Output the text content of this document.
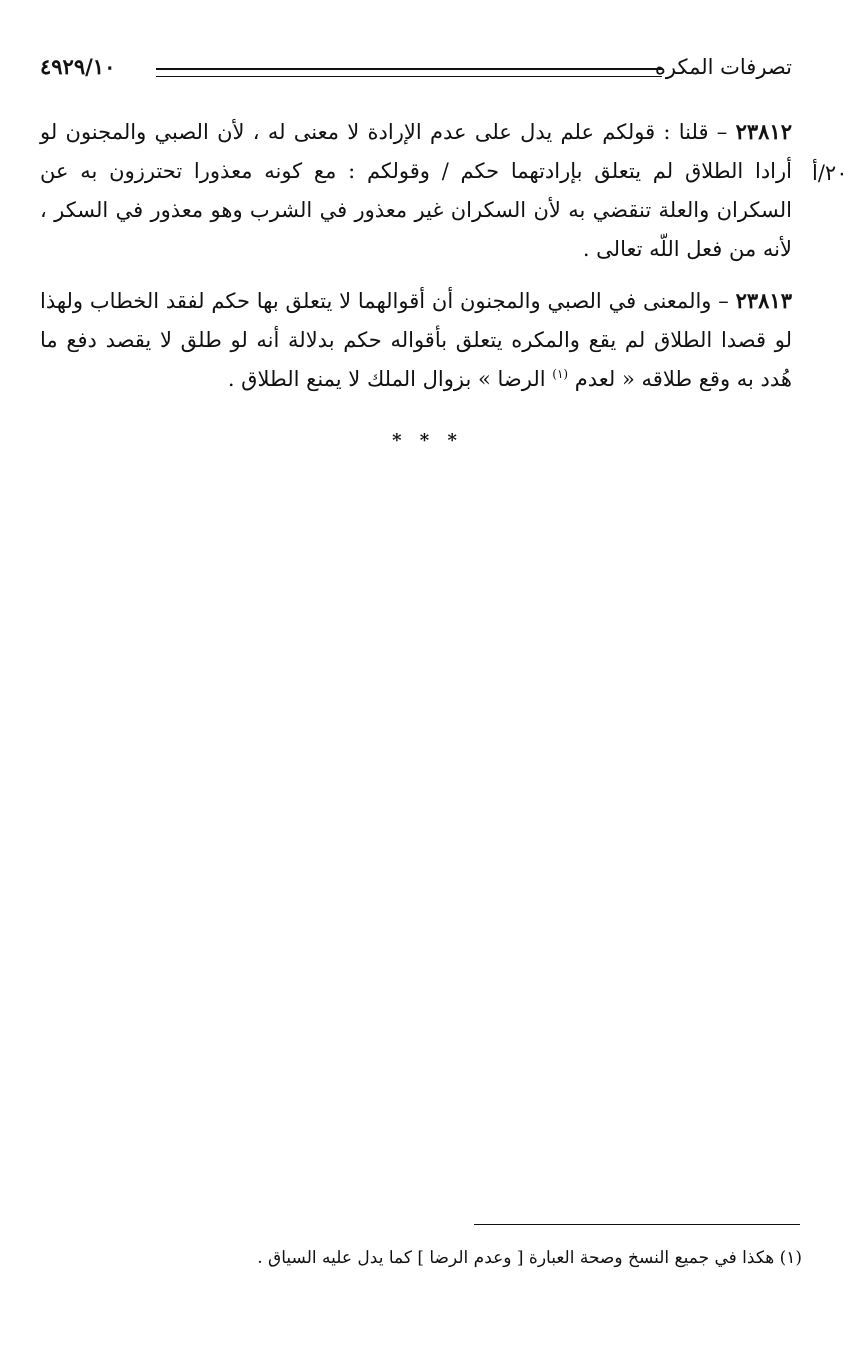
٤٩٢٩/١٠	تصرفات المكره
٢٠/أ

٢٣٨١٢ – قلنا : قولكم علم يدل على عدم الإرادة لا معنى له ، لأن الصبي والمجنون لو أرادا الطلاق لم يتعلق بإرادتهما حكم / وقولكم : مع كونه معذورا تحترزون به عن السكران والعلة تنقضي به لأن السكران غير معذور في الشرب وهو معذور في السكر ، لأنه من فعل اللّه تعالى .

٢٣٨١٣ – والمعنى في الصبي والمجنون أن أقوالهما لا يتعلق بها حكم لفقد الخطاب ولهذا لو قصدا الطلاق لم يقع والمكره يتعلق بأقواله حكم بدلالة أنه لو طلق لا يقصد دفع ما هُدد به وقع طلاقه « لعدم $^{(١)}$ الرضا » بزوال الملك لا يمنع الطلاق .

* * *
(١) هكذا في جميع النسخ وصحة العبارة [ وعدم الرضا ] كما يدل عليه السياق .
